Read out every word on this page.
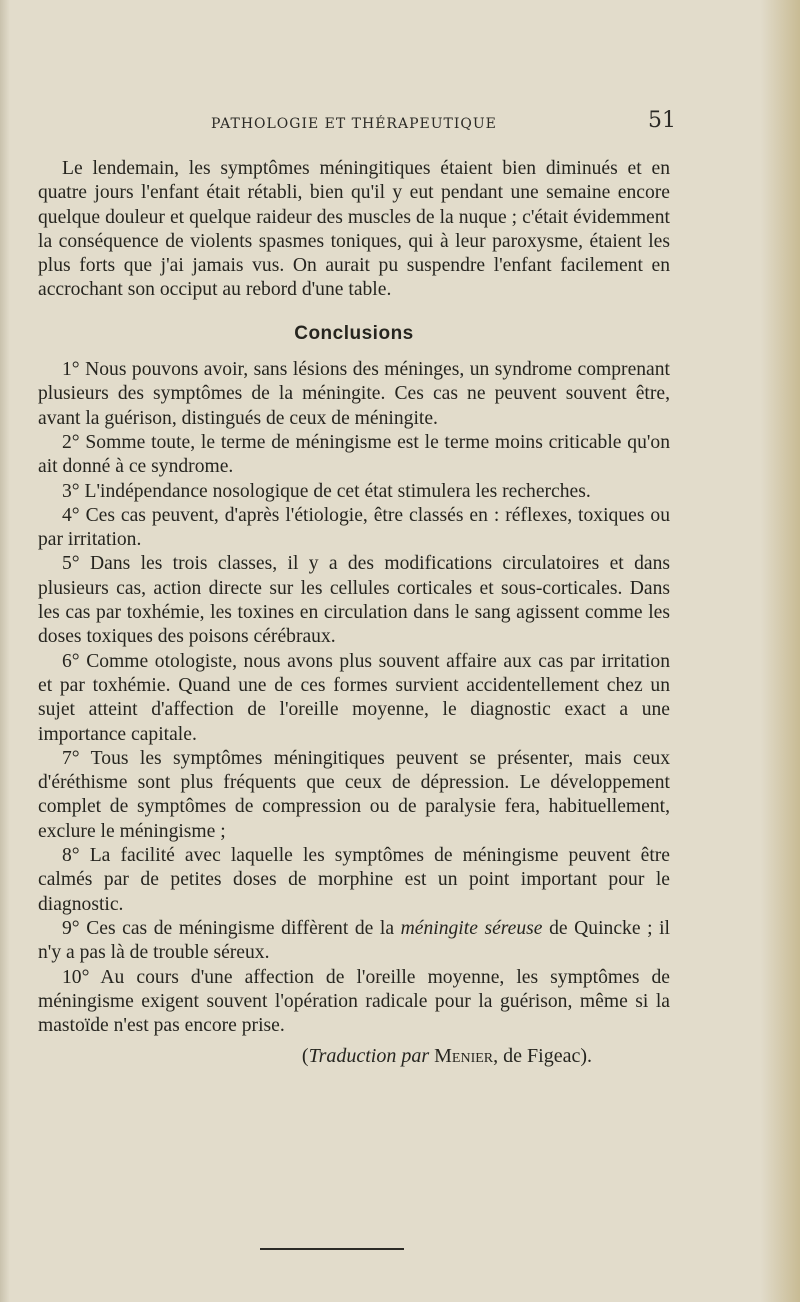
PATHOLOGIE ET THÉRAPEUTIQUE	51

Le lendemain, les symptômes méningitiques étaient bien diminués et en quatre jours l'enfant était rétabli, bien qu'il y eut pendant une semaine encore quelque douleur et quelque raideur des muscles de la nuque ; c'était évidemment la conséquence de violents spasmes toniques, qui à leur paroxysme, étaient les plus forts que j'ai jamais vus. On aurait pu suspendre l'enfant facilement en accrochant son occiput au rebord d'une table.

Conclusions

1° Nous pouvons avoir, sans lésions des méninges, un syndrome comprenant plusieurs des symptômes de la méningite. Ces cas ne peuvent souvent être, avant la guérison, distingués de ceux de méningite.

2° Somme toute, le terme de méningisme est le terme moins criticable qu'on ait donné à ce syndrome.

3° L'indépendance nosologique de cet état stimulera les recherches.

4° Ces cas peuvent, d'après l'étiologie, être classés en : réflexes, toxiques ou par irritation.

5° Dans les trois classes, il y a des modifications circulatoires et dans plusieurs cas, action directe sur les cellules corticales et sous-corticales. Dans les cas par toxhémie, les toxines en circulation dans le sang agissent comme les doses toxiques des poisons cérébraux.

6° Comme otologiste, nous avons plus souvent affaire aux cas par irritation et par toxhémie. Quand une de ces formes survient accidentellement chez un sujet atteint d'affection de l'oreille moyenne, le diagnostic exact a une importance capitale.

7° Tous les symptômes méningitiques peuvent se présenter, mais ceux d'éréthisme sont plus fréquents que ceux de dépression. Le développement complet de symptômes de compression ou de paralysie fera, habituellement, exclure le méningisme ;

8° La facilité avec laquelle les symptômes de méningisme peuvent être calmés par de petites doses de morphine est un point important pour le diagnostic.

9° Ces cas de méningisme diffèrent de la méningite séreuse de Quincke ; il n'y a pas là de trouble séreux.

10° Au cours d'une affection de l'oreille moyenne, les symptômes de méningisme exigent souvent l'opération radicale pour la guérison, même si la mastoïde n'est pas encore prise.

(Traduction par Menier, de Figeac).
